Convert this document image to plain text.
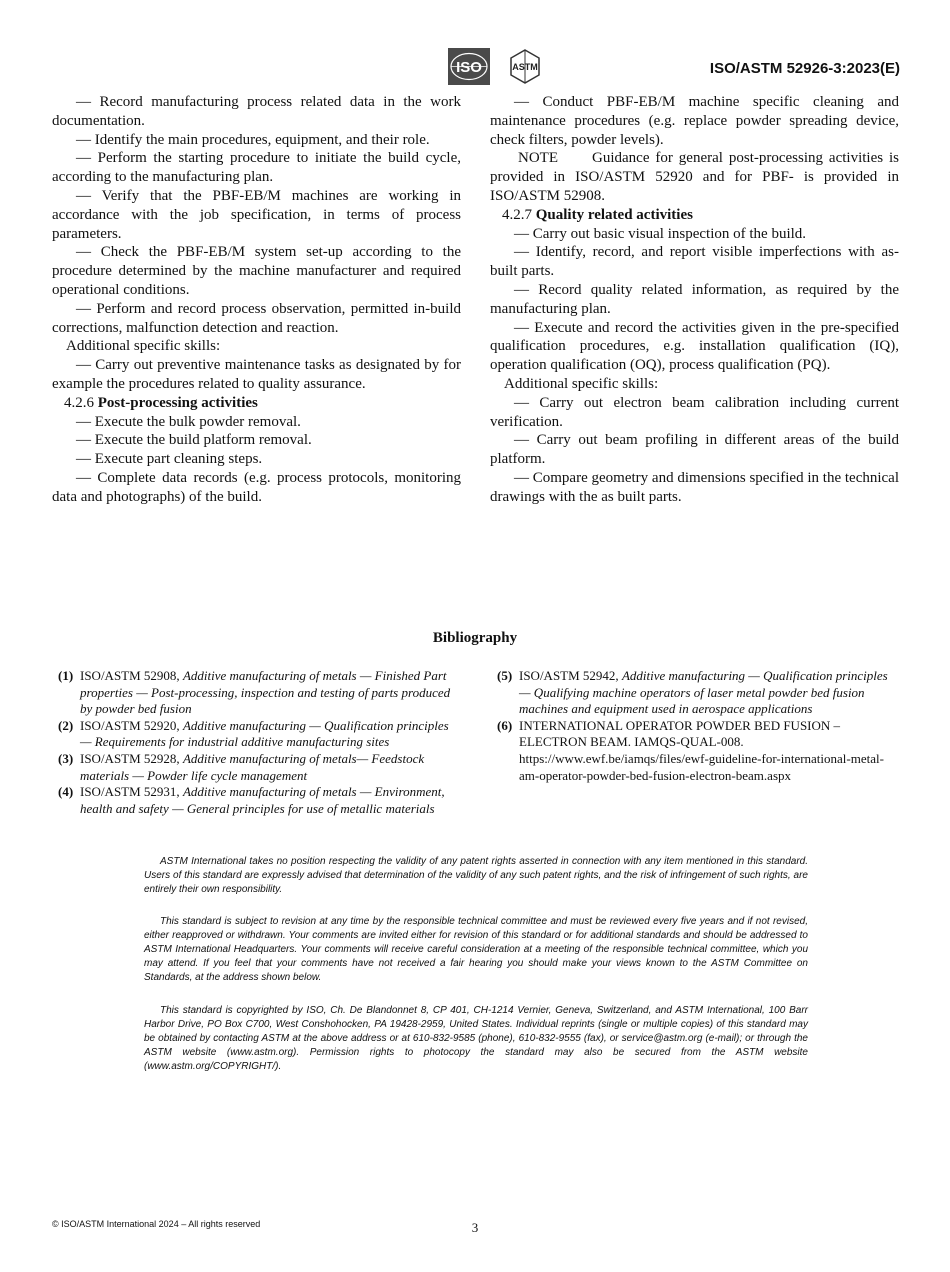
ISO	ASTM	ISO/ASTM 52926-3:2023(E)

— Record manufacturing process related data in the work documentation.

— Identify the main procedures, equipment, and their role.

— Perform the starting procedure to initiate the build cycle, according to the manufacturing plan.

— Verify that the PBF-EB/M machines are working in accordance with the job specification, in terms of process parameters.

— Check the PBF-EB/M system set-up according to the procedure determined by the machine manufacturer and required operational conditions.

— Perform and record process observation, permitted in-build corrections, malfunction detection and reaction.

Additional specific skills:

— Carry out preventive maintenance tasks as designated by for example the procedures related to quality assurance.

4.2.6 Post-processing activities

— Execute the bulk powder removal.

— Execute the build platform removal.

— Execute part cleaning steps.

— Complete data records (e.g. process protocols, monitoring data and photographs) of the build.

— Conduct PBF-EB/M machine specific cleaning and maintenance procedures (e.g. replace powder spreading device, check filters, powder levels).

NOTE Guidance for general post-processing activities is provided in ISO/ASTM 52920 and for PBF- is provided in ISO/ASTM 52908.

4.2.7 Quality related activities

— Carry out basic visual inspection of the build.

— Identify, record, and report visible imperfections with as-built parts.

— Record quality related information, as required by the manufacturing plan.

— Execute and record the activities given in the pre-specified qualification procedures, e.g. installation qualification (IQ), operation qualification (OQ), process qualification (PQ).

Additional specific skills:

— Carry out electron beam calibration including current verification.

— Carry out beam profiling in different areas of the build platform.

— Compare geometry and dimensions specified in the technical drawings with the as built parts.

Bibliography
(1) ISO/ASTM 52908, Additive manufacturing of metals — Finished Part properties — Post-processing, inspection and testing of parts produced by powder bed fusion
(2) ISO/ASTM 52920, Additive manufacturing — Qualification principles — Requirements for industrial additive manufacturing sites
(3) ISO/ASTM 52928, Additive manufacturing of metals— Feedstock materials — Powder life cycle management
(4) ISO/ASTM 52931, Additive manufacturing of metals — Environment, health and safety — General principles for use of metallic materials
(5) ISO/ASTM 52942, Additive manufacturing — Qualification principles — Qualifying machine operators of laser metal powder bed fusion machines and equipment used in aerospace applications
(6) INTERNATIONAL OPERATOR POWDER BED FUSION – ELECTRON BEAM. IAMQS-QUAL-008. https://www.ewf.be/iamqs/files/ewf-guideline-for-international-metal-am-operator-powder-bed-fusion-electron-beam.aspx

ASTM International takes no position respecting the validity of any patent rights asserted in connection with any item mentioned in this standard. Users of this standard are expressly advised that determination of the validity of any such patent rights, and the risk of infringement of such rights, are entirely their own responsibility.

This standard is subject to revision at any time by the responsible technical committee and must be reviewed every five years and if not revised, either reapproved or withdrawn. Your comments are invited either for revision of this standard or for additional standards and should be addressed to ASTM International Headquarters. Your comments will receive careful consideration at a meeting of the responsible technical committee, which you may attend. If you feel that your comments have not received a fair hearing you should make your views known to the ASTM Committee on Standards, at the address shown below.

This standard is copyrighted by ISO, Ch. De Blandonnet 8, CP 401, CH-1214 Vernier, Geneva, Switzerland, and ASTM International, 100 Barr Harbor Drive, PO Box C700, West Conshohocken, PA 19428-2959, United States. Individual reprints (single or multiple copies) of this standard may be obtained by contacting ASTM at the above address or at 610-832-9585 (phone), 610-832-9555 (fax), or service@astm.org (e-mail); or through the ASTM website (www.astm.org). Permission rights to photocopy the standard may also be secured from the ASTM website (www.astm.org/COPYRIGHT/).

© ISO/ASTM International 2024 – All rights reserved	3
